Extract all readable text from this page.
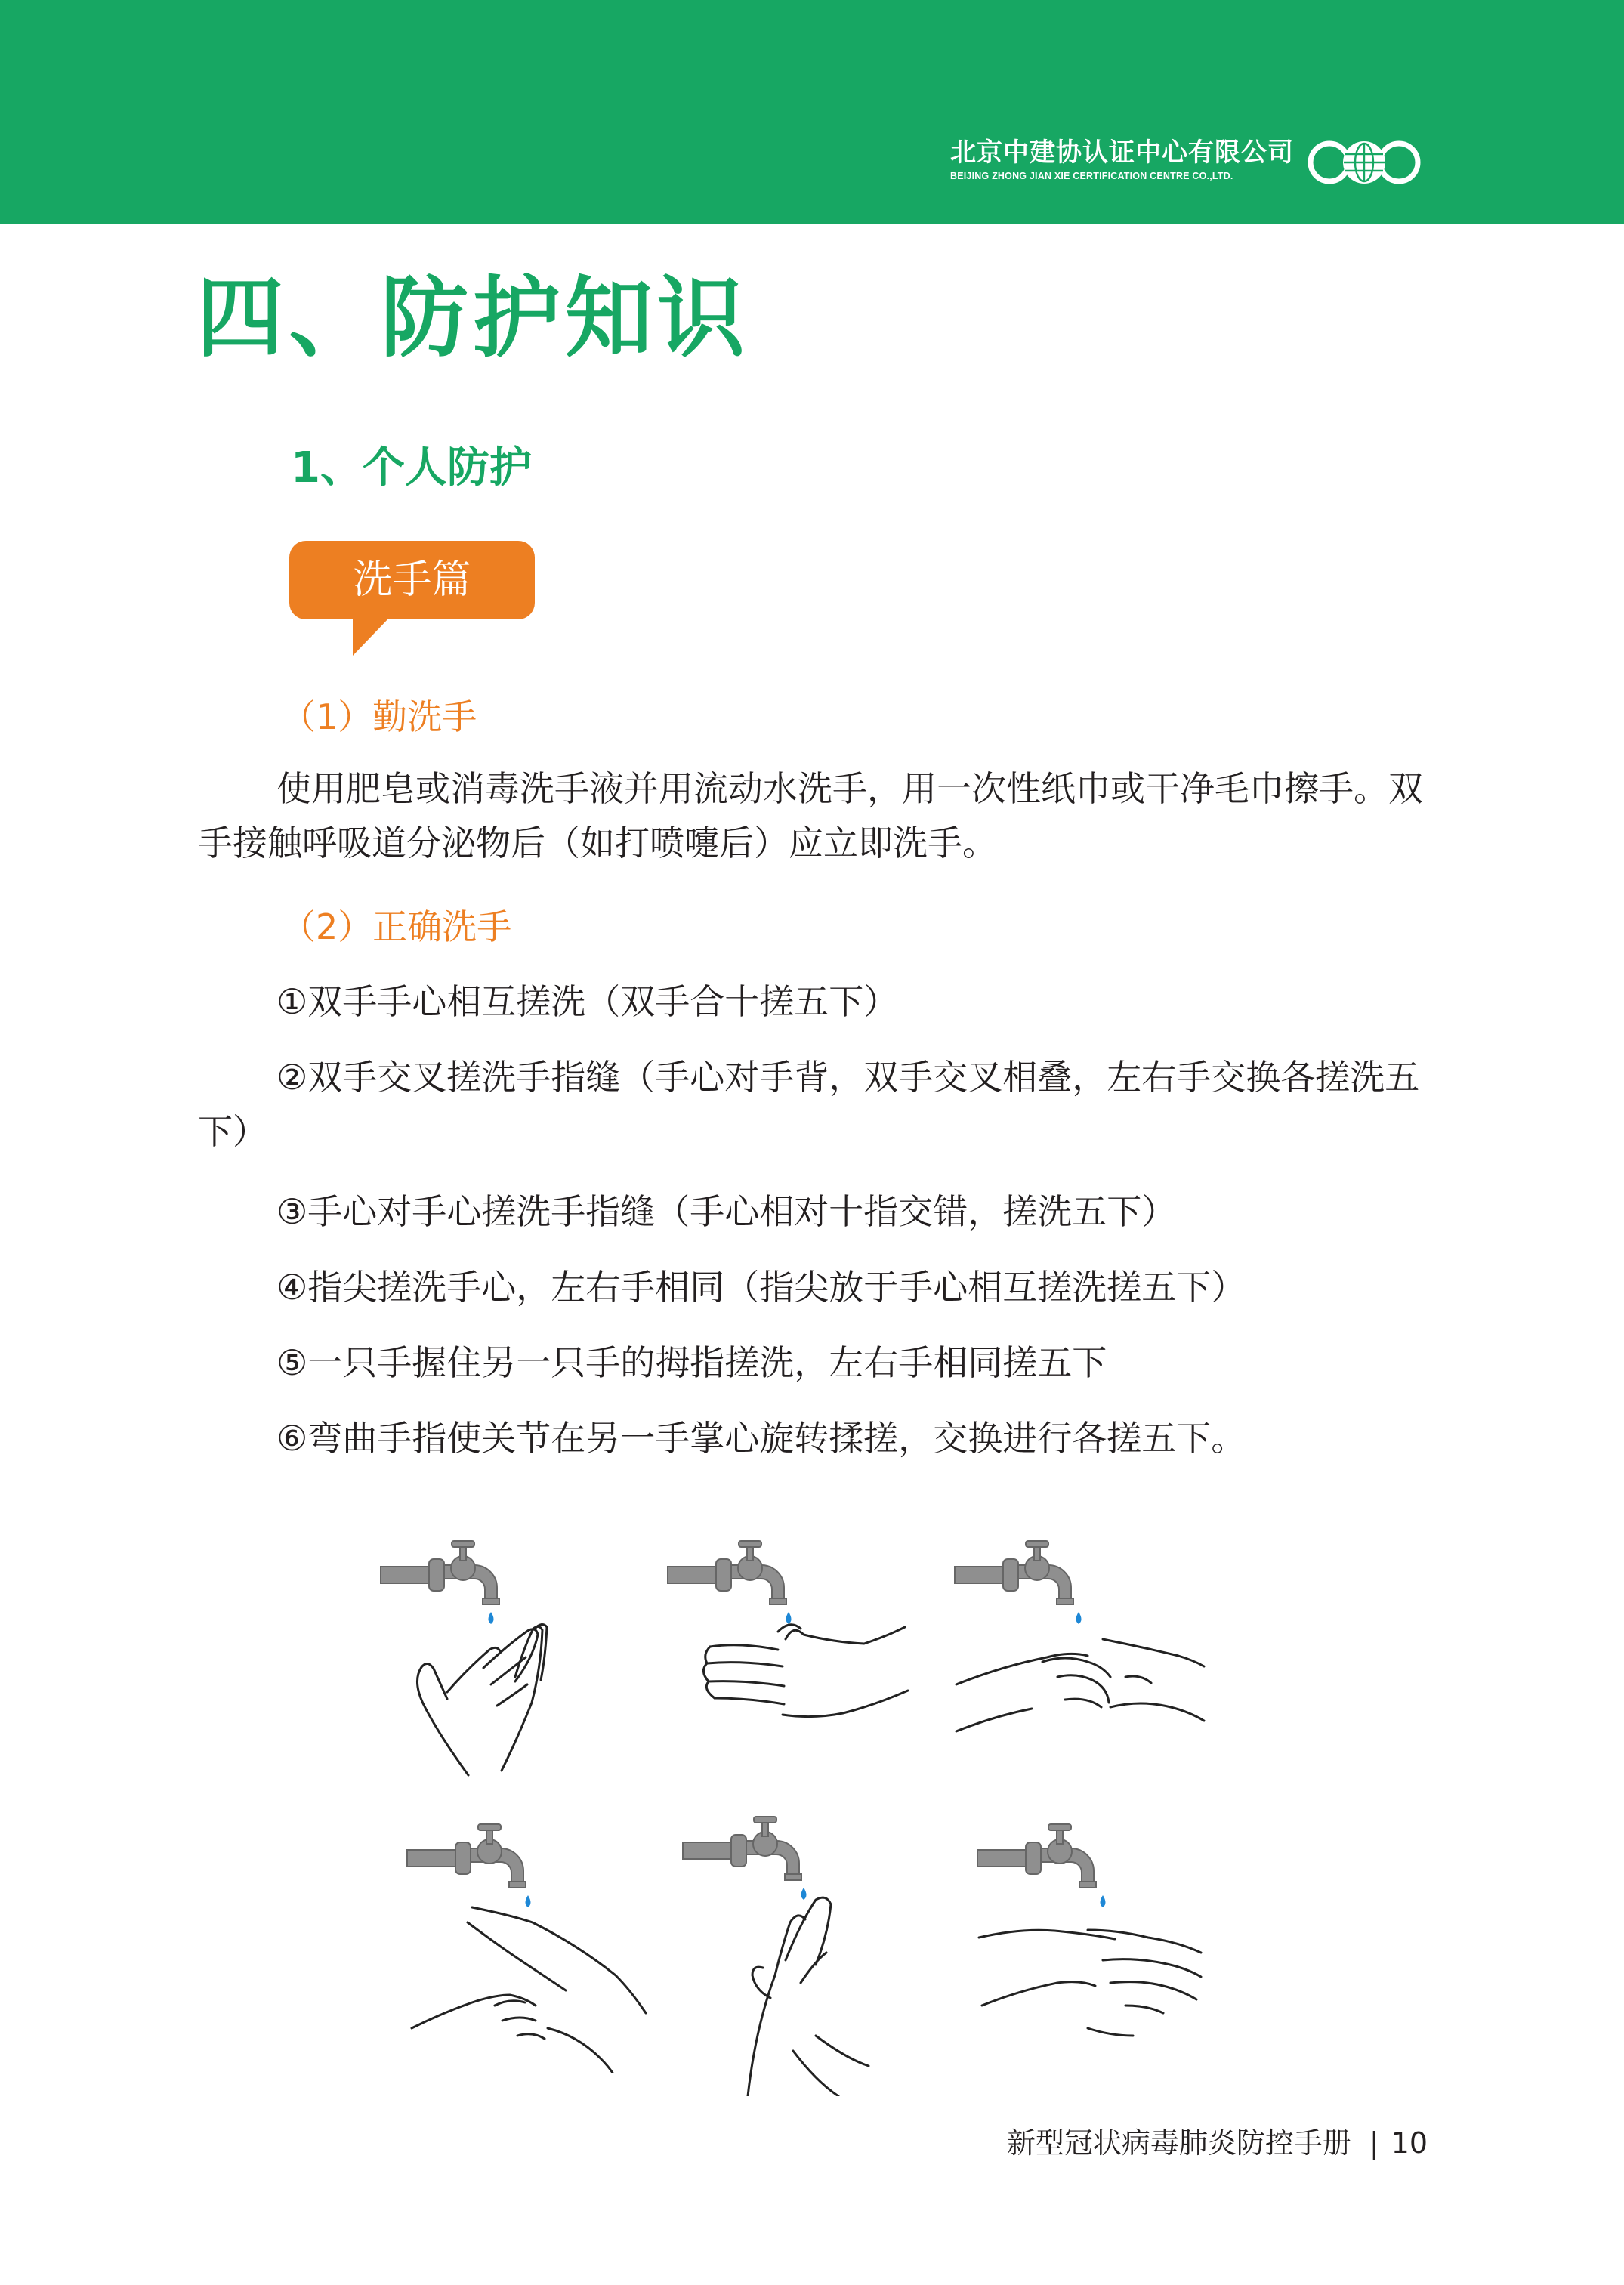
北京中建协认证中心有限公司
BEIJING ZHONG JIAN XIE CERTIFICATION CENTRE CO.,LTD.
四、防护知识
1、个人防护
洗手篇
（1）勤洗手
使用肥皂或消毒洗手液并用流动水洗手，用一次性纸巾或干净毛巾擦手。双手接触呼吸道分泌物后（如打喷嚏后）应立即洗手。
（2）正确洗手
①双手手心相互搓洗（双手合十搓五下）
②双手交叉搓洗手指缝（手心对手背，双手交叉相叠，左右手交换各搓洗五下）
③手心对手心搓洗手指缝（手心相对十指交错，搓洗五下）
④指尖搓洗手心，左右手相同（指尖放于手心相互搓洗搓五下）
⑤一只手握住另一只手的拇指搓洗，左右手相同搓五下
⑥弯曲手指使关节在另一手掌心旋转揉搓，交换进行各搓五下。
新型冠状病毒肺炎防控手册 | 10
